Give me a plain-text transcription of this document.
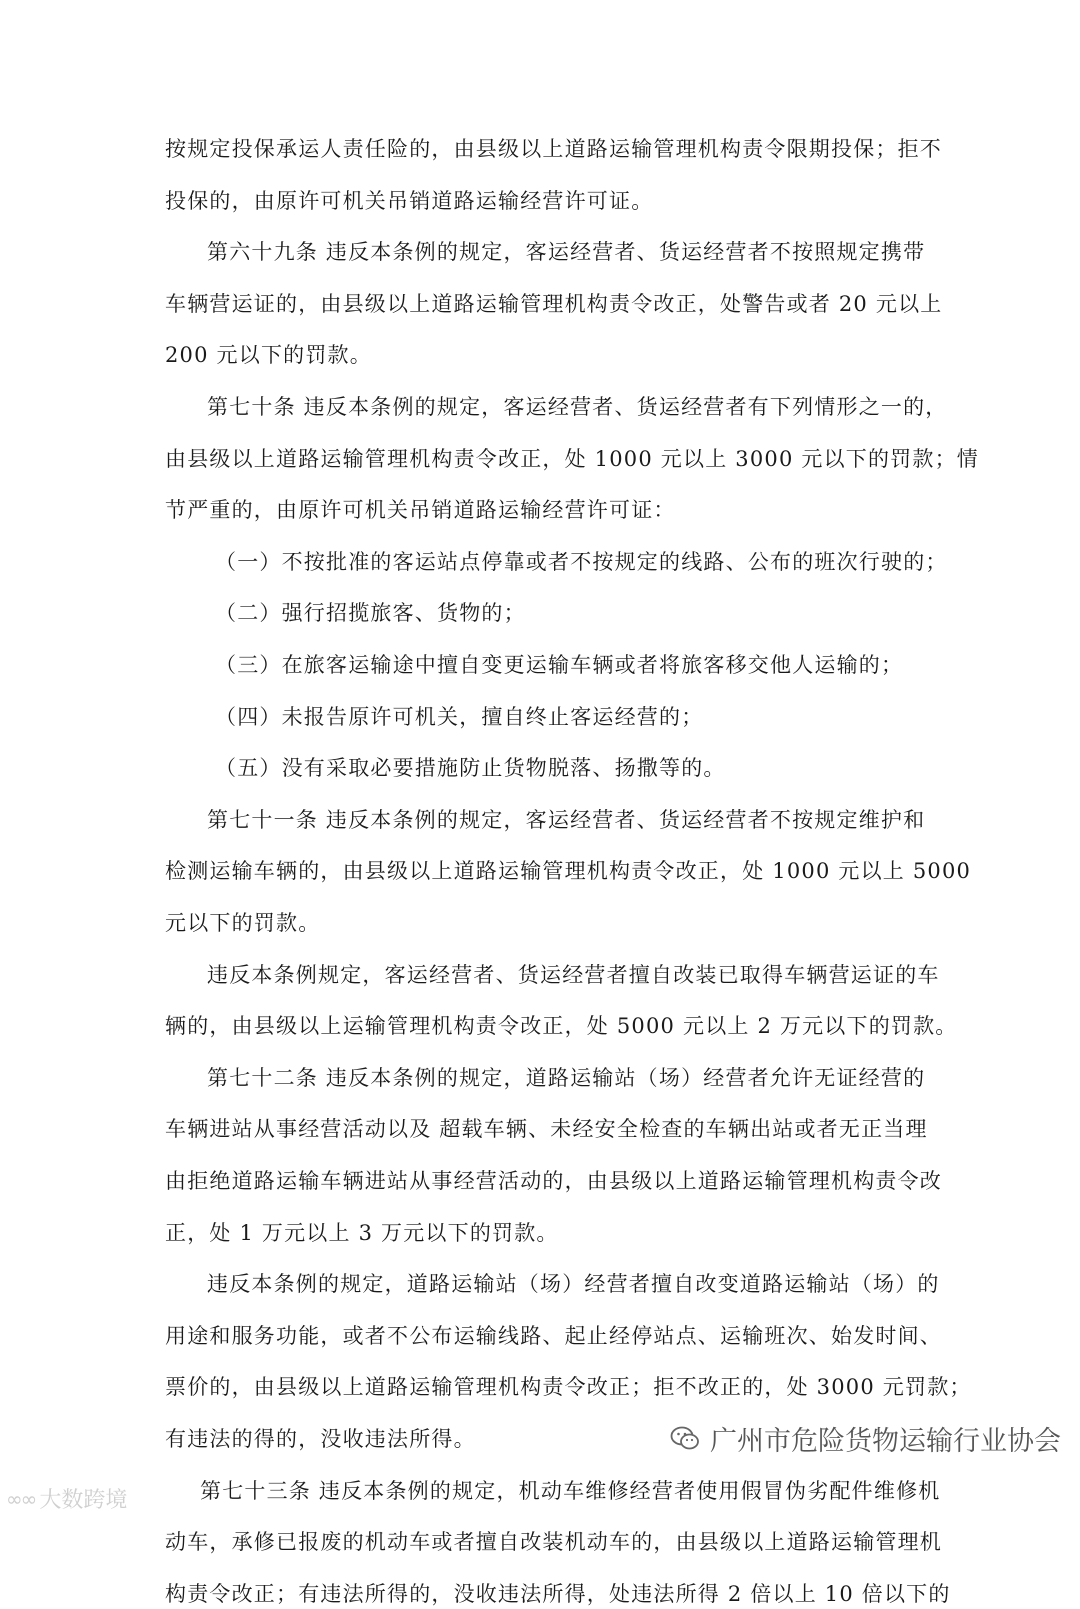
按规定投保承运人责任险的，由县级以上道路运输管理机构责令限期投保；拒不
投保的，由原许可机关吊销道路运输经营许可证。
第六十九条 违反本条例的规定，客运经营者、货运经营者不按照规定携带
车辆营运证的，由县级以上道路运输管理机构责令改正，处警告或者 20 元以上
200 元以下的罚款。
第七十条 违反本条例的规定，客运经营者、货运经营者有下列情形之一的，
由县级以上道路运输管理机构责令改正，处 1000 元以上 3000 元以下的罚款；情
节严重的，由原许可机关吊销道路运输经营许可证：
（一）不按批准的客运站点停靠或者不按规定的线路、公布的班次行驶的；
（二）强行招揽旅客、货物的；
（三）在旅客运输途中擅自变更运输车辆或者将旅客移交他人运输的；
（四）未报告原许可机关，擅自终止客运经营的；
（五）没有采取必要措施防止货物脱落、扬撒等的。
第七十一条 违反本条例的规定，客运经营者、货运经营者不按规定维护和
检测运输车辆的，由县级以上道路运输管理机构责令改正，处 1000 元以上 5000
元以下的罚款。
违反本条例规定，客运经营者、货运经营者擅自改装已取得车辆营运证的车
辆的，由县级以上运输管理机构责令改正，处 5000 元以上 2 万元以下的罚款。
第七十二条 违反本条例的规定，道路运输站（场）经营者允许无证经营的
车辆进站从事经营活动以及 超载车辆、未经安全检查的车辆出站或者无正当理
由拒绝道路运输车辆进站从事经营活动的，由县级以上道路运输管理机构责令改
正，处 1 万元以上 3 万元以下的罚款。
违反本条例的规定，道路运输站（场）经营者擅自改变道路运输站（场）的
用途和服务功能，或者不公布运输线路、起止经停站点、运输班次、始发时间、
票价的，由县级以上道路运输管理机构责令改正；拒不改正的，处 3000 元罚款；
有违法的得的，没收违法所得。
第七十三条 违反本条例的规定，机动车维修经营者使用假冒伪劣配件维修机
动车，承修已报废的机动车或者擅自改装机动车的，由县级以上道路运输管理机
构责令改正；有违法所得的，没收违法所得，处违法所得 2 倍以上 10 倍以下的
广州市危险货物运输行业协会
∞∞ 大数跨境
